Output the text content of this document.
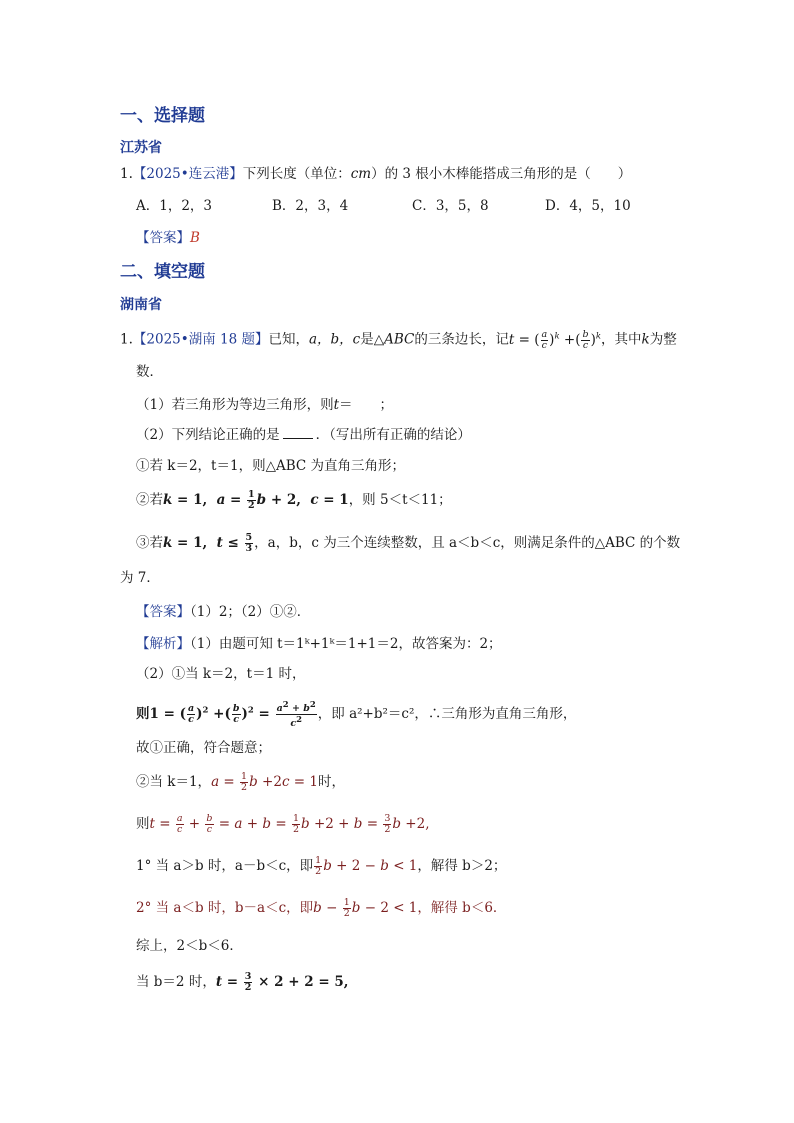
一、选择题
江苏省
1.【2025•连云港】下列长度（单位：cm）的 3 根小木棒能搭成三角形的是（　　）
A．1，2，3	B．2，3，4	C．3，5，8	D．4，5，10
【答案】B
二、填空题
湖南省
1.【2025•湖南 18 题】已知，a，b，c是△ABC的三条边长，记t = ( $\frac{a}{c} )^k$ +( $\frac{b}{c} )^k$，其中k为整
数．
（1）若三角形为等边三角形，则t＝　　；
（2）下列结论正确的是	．（写出所有正确的结论）
①若 k＝2，t＝1，则△ABC 为直角三角形；
②若k = 1,  $a = \frac{1}{2}$ b + 2,  c = 1，则 5＜t＜11；
③若k = 1,  $t \le \frac{5}{3}$ ，a，b，c 为三个连续整数，且 a＜b＜c，则满足条件的△ABC 的个数
为 7．
【答案】（1）2；（2）①②．
【解析】（1）由题可知 t＝1ᵏ+1ᵏ＝1+1＝2，故答案为：2；
（2）①当 k＝2，t＝1 时，
则1 = ( $\frac{a}{c} )^2$ +( $\frac{b}{c} )^2 = \frac{a^2 + b^2}{c^2}$ ，即 a²+b²＝c²，∴三角形为直角三角形，
故①正确，符合题意；
②当 k＝1，$a = \frac{1}{2}$ b +2c = 1时，
则$t = \frac{a}{c} + \frac{b}{c} = a + b = \frac{1}{2}$ $b +2 + b = \frac{3}{2}$ b +2,
1° 当 a＞b 时，a－b＜c，即 $\frac{1}{2}$ b + 2 − b < 1，解得 b＞2；
2° 当 a＜b 时，b－a＜c，即$b - \frac{1}{2}$ b − 2 < 1，解得 b＜6．
综上，2＜b＜6．
当 b＝2 时，$t = \frac{3}{2} \times 2 + 2 = 5$,
